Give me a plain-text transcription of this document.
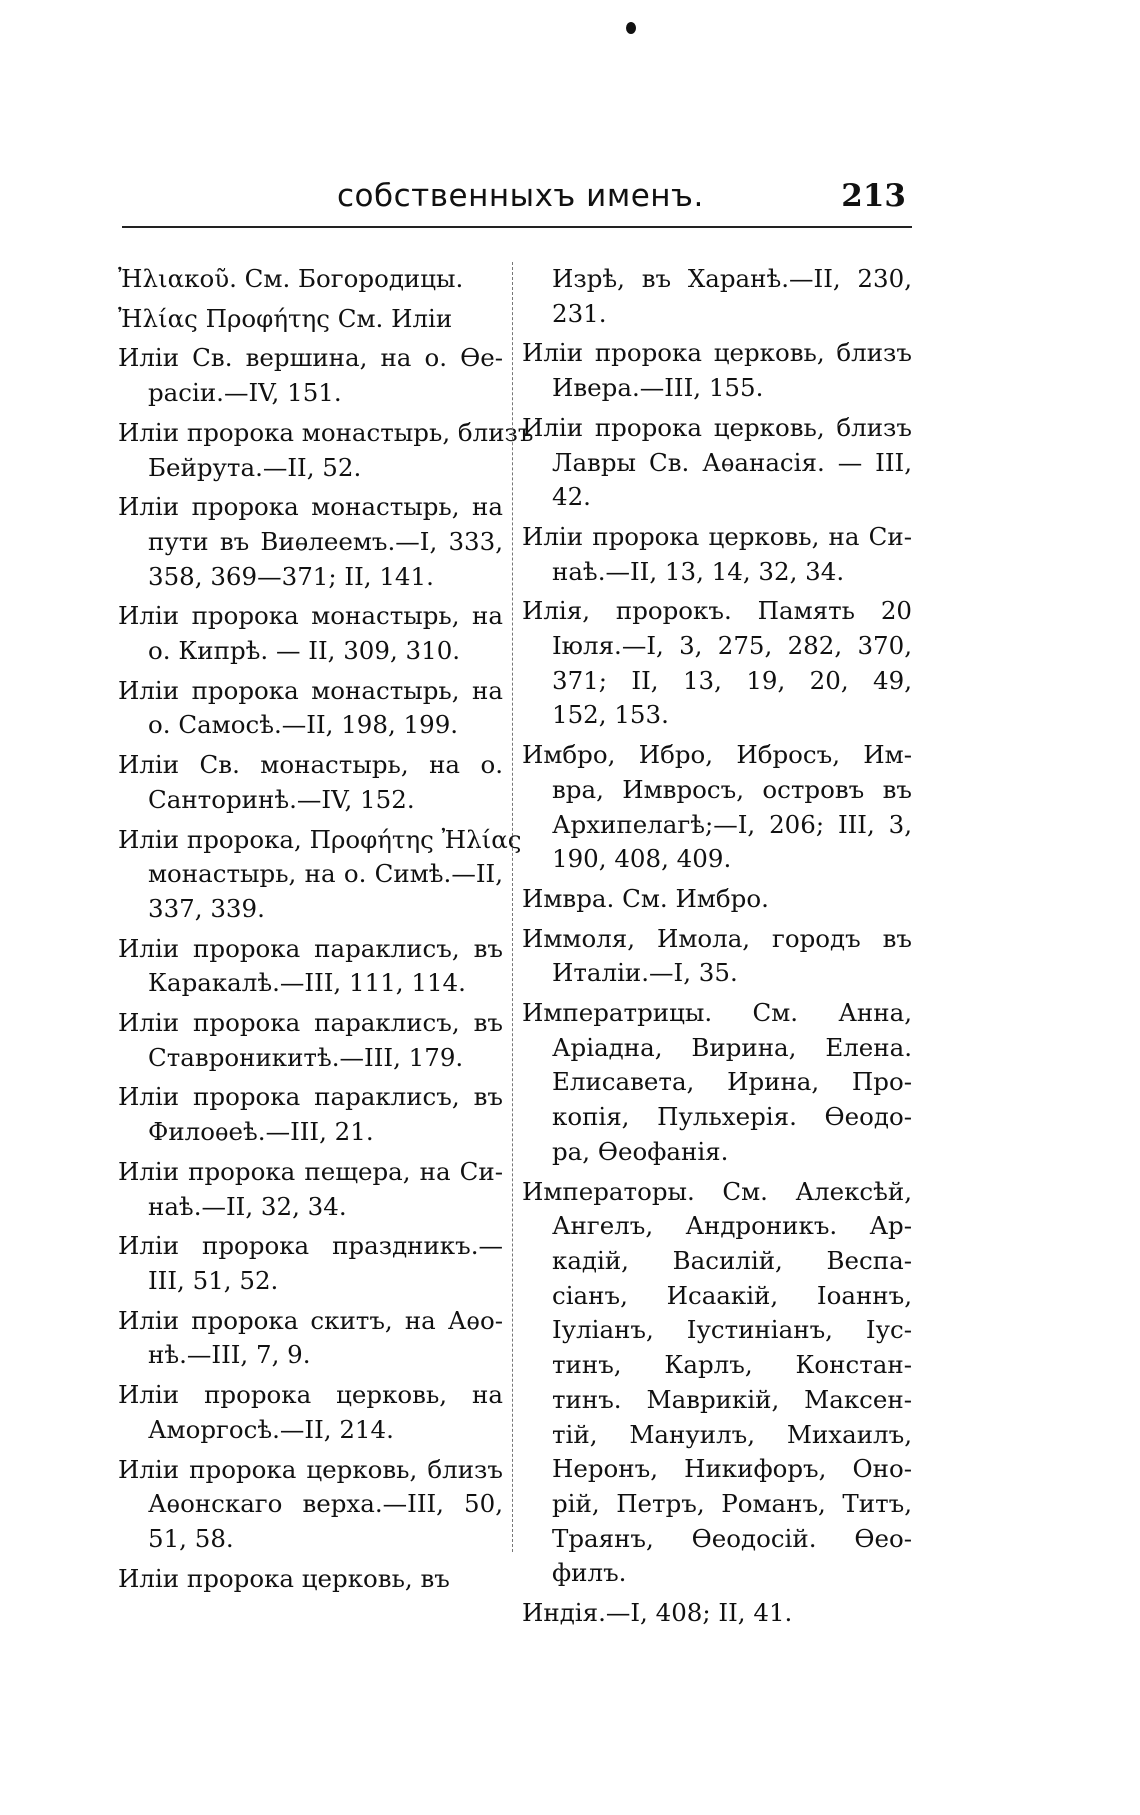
собственныхъ именъ.	213
Ἠλιακοῦ. См. Богородицы.
Ἠλίας Προφήτης См. Иліи
Иліи Св. вершина, на о. Ѳе-
расіи.—IV, 151.
Иліи пророка монастырь, близъ
Бейрута.—II, 52.
Иліи пророка монастырь, на
пути въ Виѳлеемъ.—I, 333,
358, 369—371; II, 141.
Иліи пророка монастырь, на
о. Кипрѣ. — II, 309, 310.
Иліи пророка монастырь, на
о. Самосѣ.—II, 198, 199.
Иліи Св. монастырь, на о.
Санторинѣ.—IV, 152.
Иліи пророка, Προφήτης Ἠλίας
монастырь, на о. Симѣ.—II,
337, 339.
Иліи пророка параклисъ, въ
Каракалѣ.—III, 111, 114.
Иліи пророка параклисъ, въ
Ставроникитѣ.—III, 179.
Иліи пророка параклисъ, въ
Филоѳеѣ.—III, 21.
Иліи пророка пещера, на Си-
наѣ.—II, 32, 34.
Иліи пророка праздникъ.—
III, 51, 52.
Иліи пророка скитъ, на Аѳо-
нѣ.—III, 7, 9.
Иліи пророка церковь, на
Аморгосѣ.—II, 214.
Иліи пророка церковь, близъ
Аѳонскаго верха.—III, 50,
51, 58.
Иліи пророка церковь, въ
Изрѣ, въ Харанѣ.—II, 230,
231.
Иліи пророка церковь, близъ
Ивера.—III, 155.
Иліи пророка церковь, близъ
Лавры Св. Аѳанасія. — III,
42.
Иліи пророка церковь, на Си-
наѣ.—II, 13, 14, 32, 34.
Илія, пророкъ. Память 20
Іюля.—I, 3, 275, 282, 370,
371; II, 13, 19, 20, 49,
152, 153.
Имбро, Ибро, Ибросъ, Им-
вра, Имвросъ, островъ въ
Архипелагѣ;—I, 206; III, 3,
190, 408, 409.
Имвра. См. Имбро.
Иммоля, Имола, городъ въ
Италіи.—I, 35.
Императрицы. См. Анна,
Аріадна, Вирина, Елена.
Елисавета, Ирина, Про-
копія, Пульхерія. Ѳеодо-
ра, Ѳеофанія.
Императоры. См. Алексѣй,
Ангелъ, Андроникъ. Ар-
кадій, Василій, Веспа-
сіанъ, Исаакій, Іоаннъ,
Іуліанъ, Іустиніанъ, Іус-
тинъ, Карлъ, Констан-
тинъ. Маврикій, Максен-
тій, Мануилъ, Михаилъ,
Неронъ, Никифоръ, Оно-
рій, Петръ, Романъ, Титъ,
Траянъ, Ѳеодосій. Ѳео-
филъ.
Индія.—I, 408; II, 41.
